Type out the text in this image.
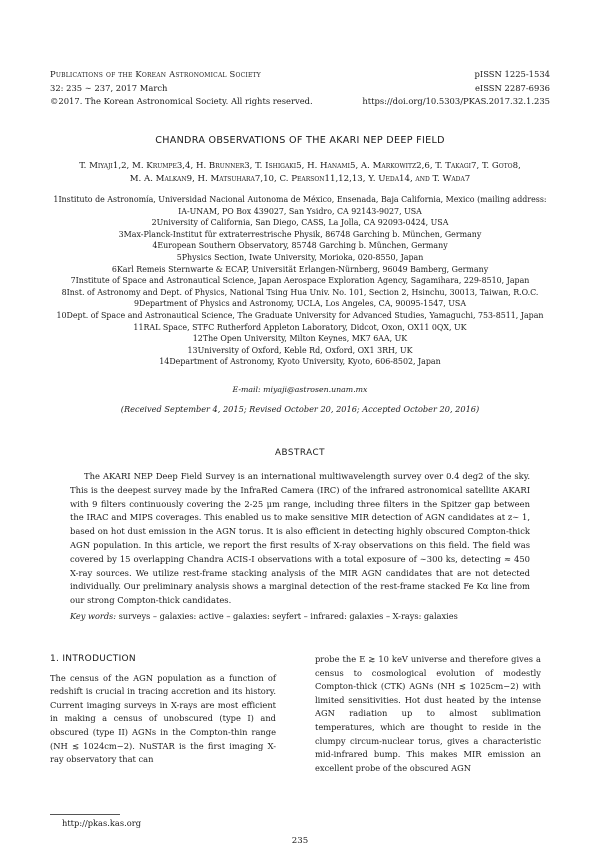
Publications of the Korean Astronomical Society	pISSN 1225-1534
32: 235 ∼ 237, 2017 March	eISSN 2287-6936
©2017. The Korean Astronomical Society. All rights reserved.	https://doi.org/10.5303/PKAS.2017.32.1.235
CHANDRA OBSERVATIONS OF THE AKARI NEP DEEP FIELD
T. Miyaji1,2, M. Krumpe3,4, H. Brunner3, T. Ishigaki5, H. Hanami5, A. Markowitz2,6, T. Takagi7, T. Goto8,
M. A. Malkan9, H. Matsuhara7,10, C. Pearson11,12,13, Y. Ueda14, and T. Wada7
1Instituto de Astronomía, Universidad Nacional Autonoma de México, Ensenada, Baja California, Mexico (mailing address: IA-UNAM, PO Box 439027, San Ysidro, CA 92143-9027, USA
2University of California, San Diego, CASS, La Jolla, CA 92093-0424, USA
3Max-Planck-Institut für extraterrestrische Physik, 86748 Garching b. München, Germany
4European Southern Observatory, 85748 Garching b. München, Germany
5Physics Section, Iwate University, Morioka, 020-8550, Japan
6Karl Remeis Sternwarte & ECAP, Universität Erlangen-Nürnberg, 96049 Bamberg, Germany
7Institute of Space and Astronautical Science, Japan Aerospace Exploration Agency, Sagamihara, 229-8510, Japan
8Inst. of Astronomy and Dept. of Physics, National Tsing Hua Univ. No. 101, Section 2, Hsinchu, 30013, Taiwan, R.O.C.
9Department of Physics and Astronomy, UCLA, Los Angeles, CA, 90095-1547, USA
10Dept. of Space and Astronautical Science, The Graduate University for Advanced Studies, Yamaguchi, 753-8511, Japan
11RAL Space, STFC Rutherford Appleton Laboratory, Didcot, Oxon, OX11 0QX, UK
12The Open University, Milton Keynes, MK7 6AA, UK
13University of Oxford, Keble Rd, Oxford, OX1 3RH, UK
14Department of Astronomy, Kyoto University, Kyoto, 606-8502, Japan
E-mail: miyaji@astrosen.unam.mx
(Received September 4, 2015; Revised October 20, 2016; Accepted October 20, 2016)
ABSTRACT
The AKARI NEP Deep Field Survey is an international multiwavelength survey over 0.4 deg2 of the sky. This is the deepest survey made by the InfraRed Camera (IRC) of the infrared astronomical satellite AKARI with 9 filters continuously covering the 2-25 μm range, including three filters in the Spitzer gap between the IRAC and MIPS coverages. This enabled us to make sensitive MIR detection of AGN candidates at z∼ 1, based on hot dust emission in the AGN torus. It is also efficient in detecting highly obscured Compton-thick AGN population. In this article, we report the first results of X-ray observations on this field. The field was covered by 15 overlapping Chandra ACIS-I observations with a total exposure of ∼300 ks, detecting ≈ 450 X-ray sources. We utilize rest-frame stacking analysis of the MIR AGN candidates that are not detected individually. Our preliminary analysis shows a marginal detection of the rest-frame stacked Fe Kα line from our strong Compton-thick candidates.
Key words: surveys – galaxies: active – galaxies: seyfert – infrared: galaxies – X-rays: galaxies
1. INTRODUCTION

The census of the AGN population as a function of redshift is crucial in tracing accretion and its history. Current imaging surveys in X-rays are most efficient in making a census of unobscured (type I) and obscured (type II) AGNs in the Compton-thin range (NH ≲ 1024cm−2). NuSTAR is the first imaging X-ray observatory that can

probe the E ≳ 10 keV universe and therefore gives a census to cosmological evolution of modestly Compton-thick (CTK) AGNs (NH ≲ 1025cm−2) with limited sensitivities. Hot dust heated by the intense AGN radiation up to almost sublimation temperatures, which are thought to reside in the clumpy circum-nuclear torus, gives a characteristic mid-infrared bump. This makes MIR emission an excellent probe of the obscured AGN

http://pkas.kas.org
235
